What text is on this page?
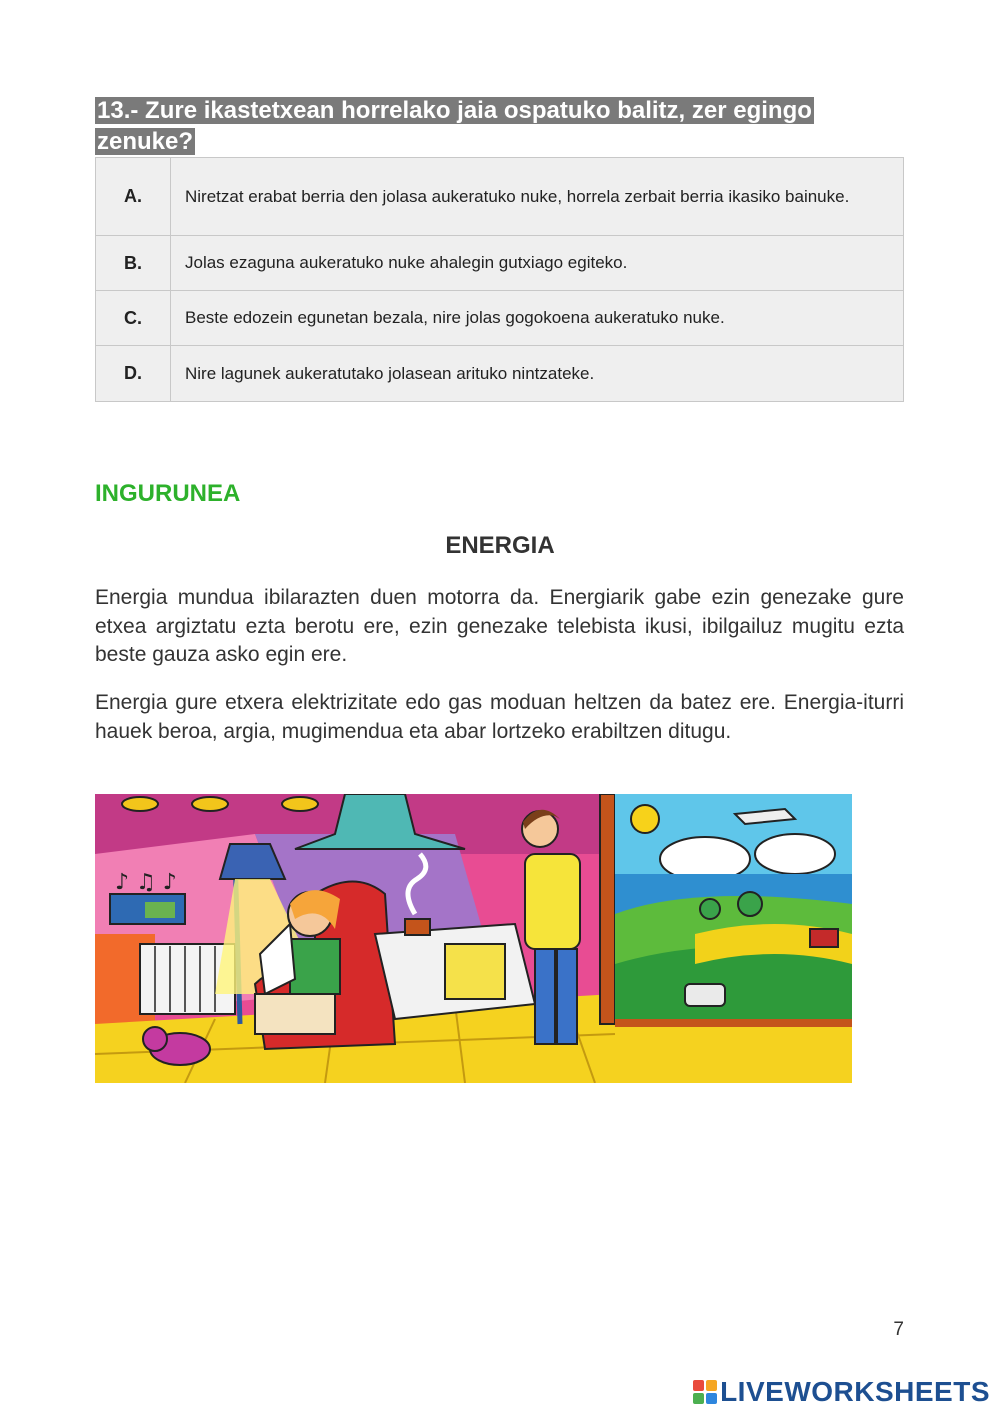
13.- Zure ikastetxean horrelako jaia ospatuko balitz, zer egingo zenuke?
A.	Niretzat erabat berria den jolasa aukeratuko nuke, horrela zerbait berria ikasiko bainuke.
B.	Jolas ezaguna aukeratuko nuke ahalegin gutxiago egiteko.
C.	Beste edozein egunetan bezala, nire jolas gogokoena aukeratuko nuke.
D.	Nire lagunek aukeratutako jolasean arituko nintzateke.
INGURUNEA
ENERGIA

Energia mundua ibilarazten duen motorra da. Energiarik gabe ezin genezake gure etxea argiztatu ezta berotu ere, ezin genezake telebista ikusi, ibilgailuz mugitu ezta beste gauza asko egin ere.

Energia gure etxera elektrizitate edo gas moduan heltzen da batez ere. Energia-iturri hauek beroa, argia, mugimendua eta abar lortzeko erabiltzen ditugu.

♪ ♫ ♪
7
LIVEWORKSHEETS
